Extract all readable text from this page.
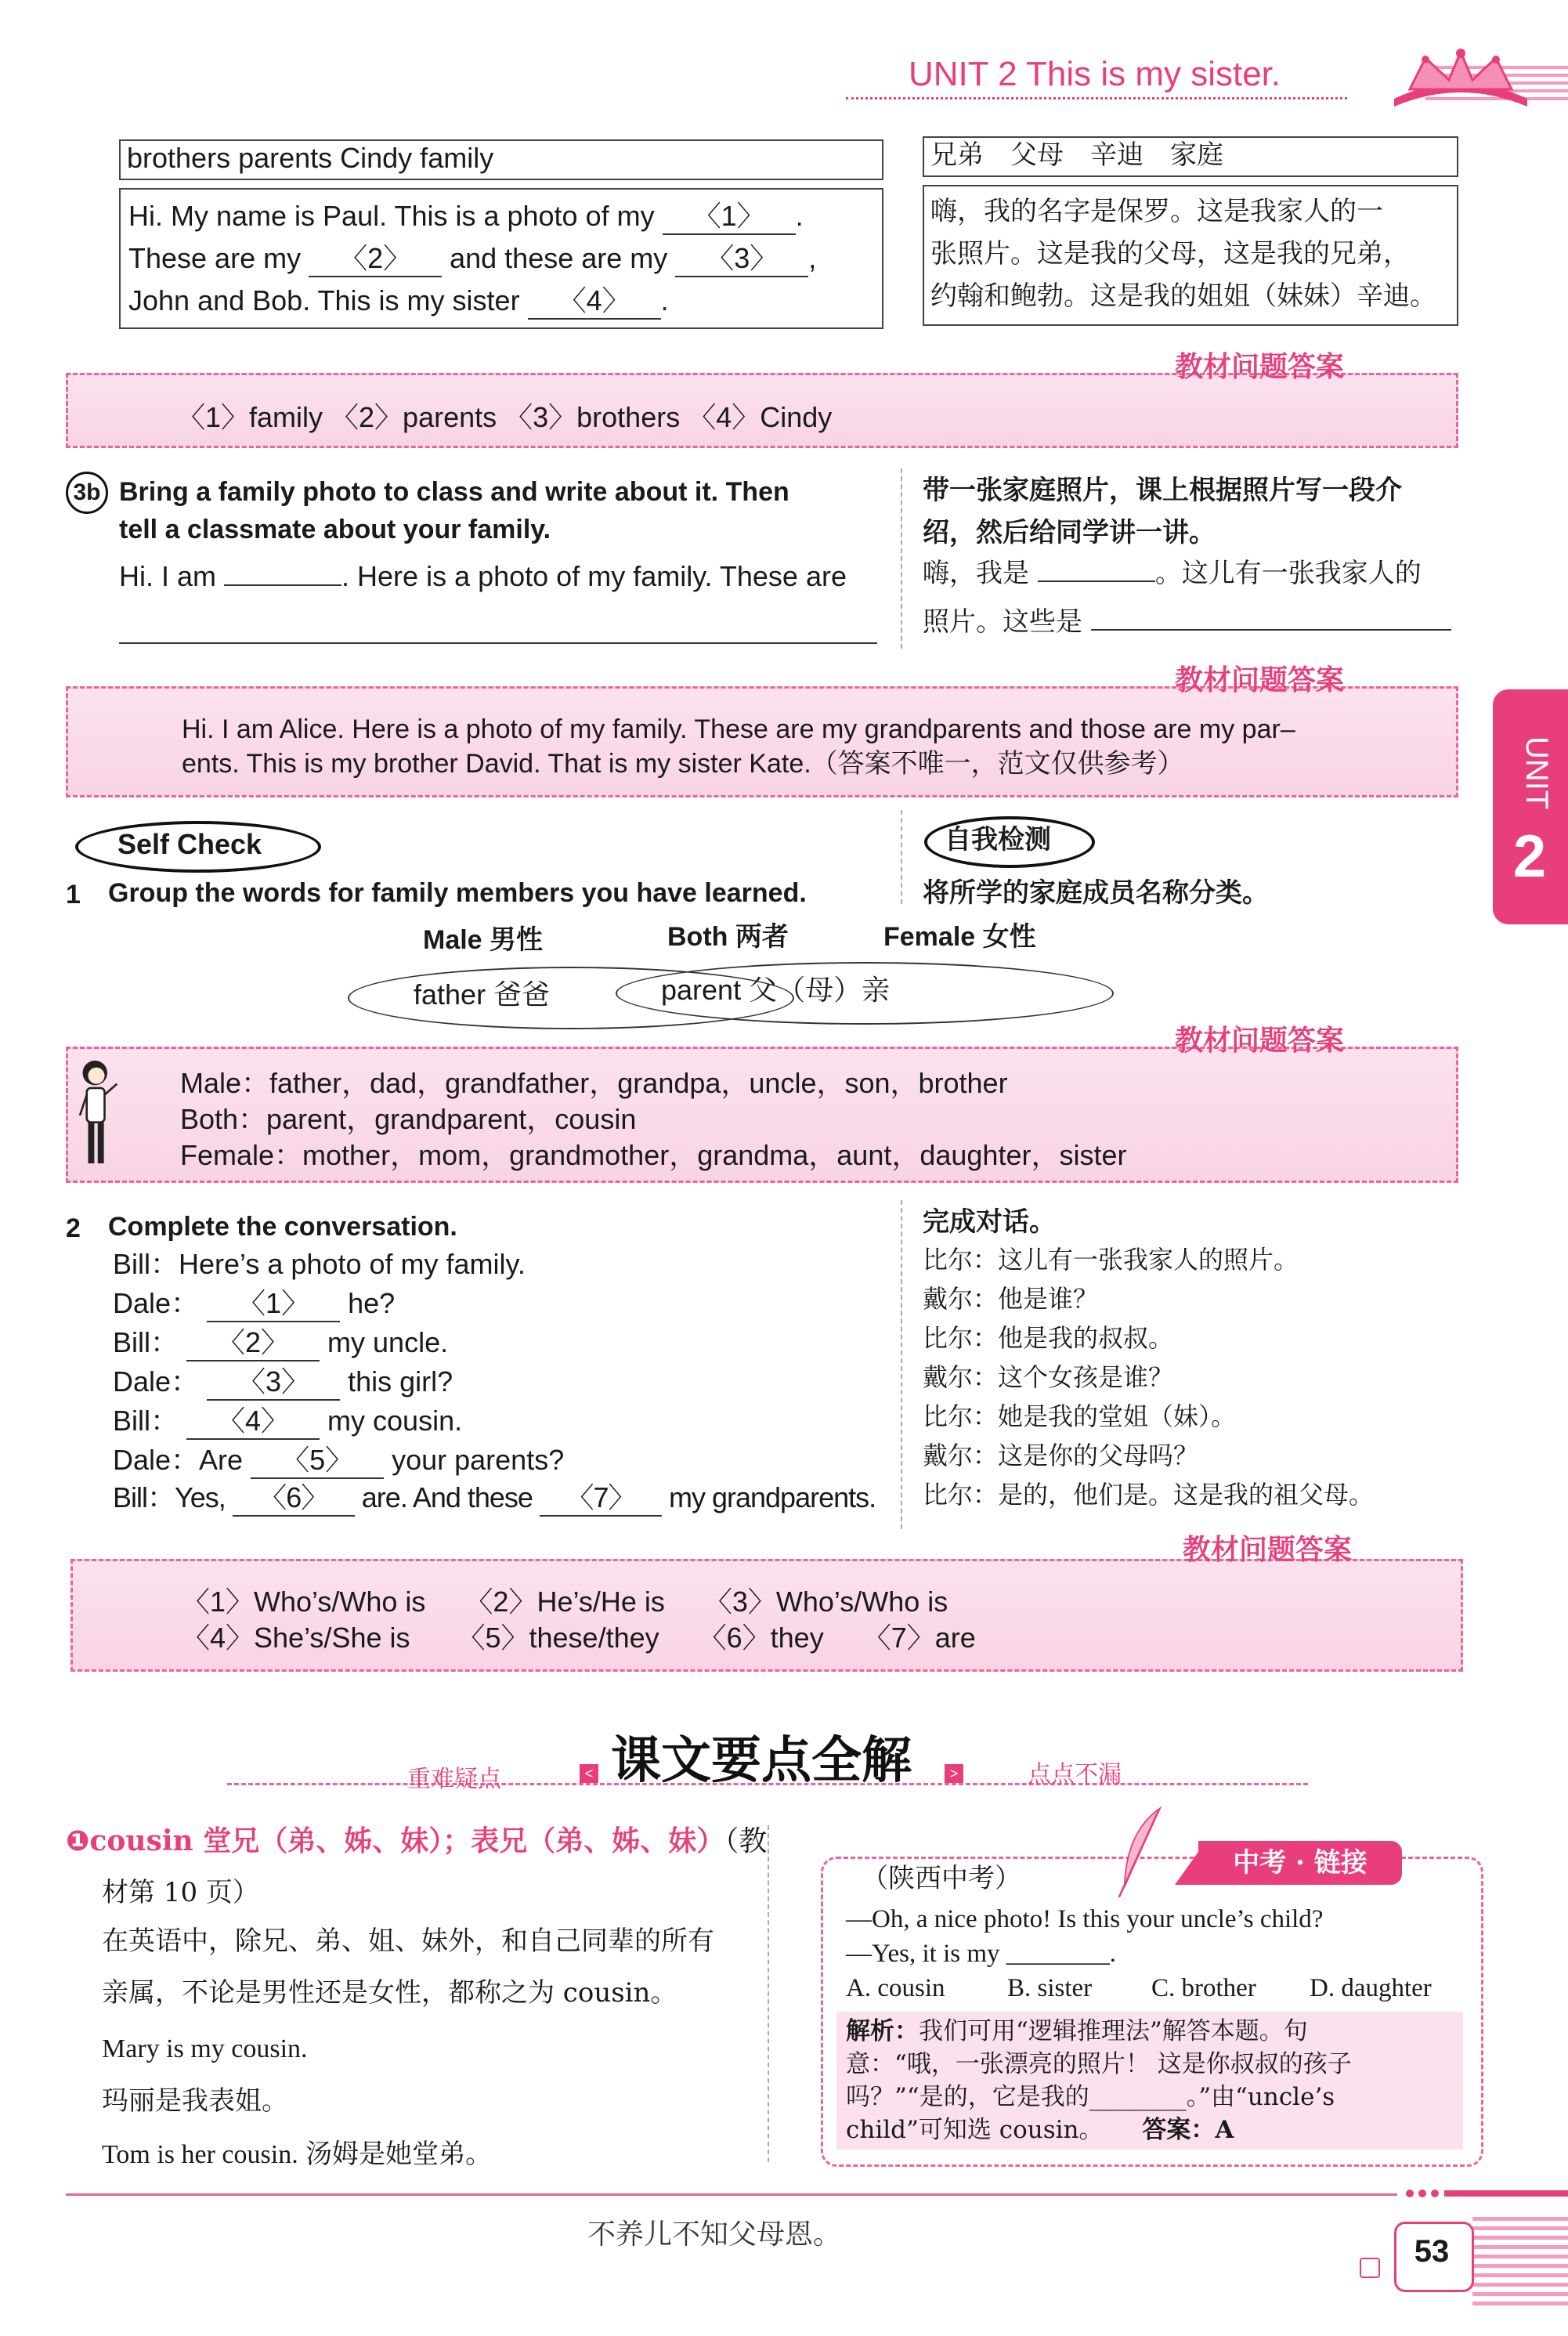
UNIT 2 This is my sister.
UNIT
2
brothers parents Cindy family
Hi. My name is Paul. This is a photo of my 〈1〉 .
These are my 〈2〉 and these are my 〈3〉 ,
John and Bob. This is my sister 〈4〉 .
兄弟　父母　辛迪　家庭
嗨，我的名字是保罗。这是我家人的一
张照片。这是我的父母，这是我的兄弟，
约翰和鲍勃。这是我的姐姐（妹妹）辛迪。
教材问题答案
〈1〉family 〈2〉parents 〈3〉brothers 〈4〉Cindy
3b Bring a family photo to class and write about it. Then
tell a classmate about your family.
Hi. I am	. Here is a photo of my family. These are
带一张家庭照片，课上根据照片写一段介
绍，然后给同学讲一讲。
嗨，我是	。这儿有一张我家人的
照片。这些是
教材问题答案
Hi. I am Alice. Here is a photo of my family. These are my grandparents and those are my par–
ents. This is my brother David. That is my sister Kate.（答案不唯一，范文仅供参考）
Self Check	自我检测
1 Group the words for family members you have learned.	将所学的家庭成员名称分类。
Male 男性	Both 两者	Female 女性
father 爸爸	parent 父（母）亲
教材问题答案
Male：father，dad，grandfather，grandpa，uncle，son，brother
Both：parent，grandparent，cousin
Female：mother，mom，grandmother，grandma，aunt，daughter，sister
2 Complete the conversation.
Bill：Here’s a photo of my family.
Dale： 〈1〉 he?
Bill： 〈2〉 my uncle.
Dale： 〈3〉 this girl?
Bill： 〈4〉 my cousin.
Dale：Are 〈5〉 your parents?
Bill：Yes, 〈6〉 are. And these 〈7〉 my grandparents.
完成对话。
比尔：这儿有一张我家人的照片。
戴尔：他是谁？
比尔：他是我的叔叔。
戴尔：这个女孩是谁？
比尔：她是我的堂姐（妹）。
戴尔：这是你的父母吗？
比尔：是的，他们是。这是我的祖父母。
教材问题答案
〈1〉Who’s/Who is     〈2〉He’s/He is     〈3〉Who’s/Who is
〈4〉She’s/She is      〈5〉these/they     〈6〉they     〈7〉are
重难疑点	< 课文要点全解	>	点点不漏
❶cousin 堂兄（弟、姊、妹）；表兄（弟、姊、妹）（教
材第 10 页）
在英语中，除兄、弟、姐、妹外，和自己同辈的所有
亲属，不论是男性还是女性，都称之为 cousin。
Mary is my cousin.
玛丽是我表姐。
Tom is her cousin. 汤姆是她堂弟。
中考 · 链接
（陕西中考）
—Oh, a nice photo! Is this your uncle’s child?
—Yes, it is my ________.
A. cousin B. sister C. brother D. daughter
解析：我们可用“逻辑推理法”解答本题。句
意：“哦，一张漂亮的照片！ 这是你叔叔的孩子
吗？”“是的，它是我的________。”由“uncle’s
child”可知选 cousin。 答案：A
不养儿不知父母恩。	53
